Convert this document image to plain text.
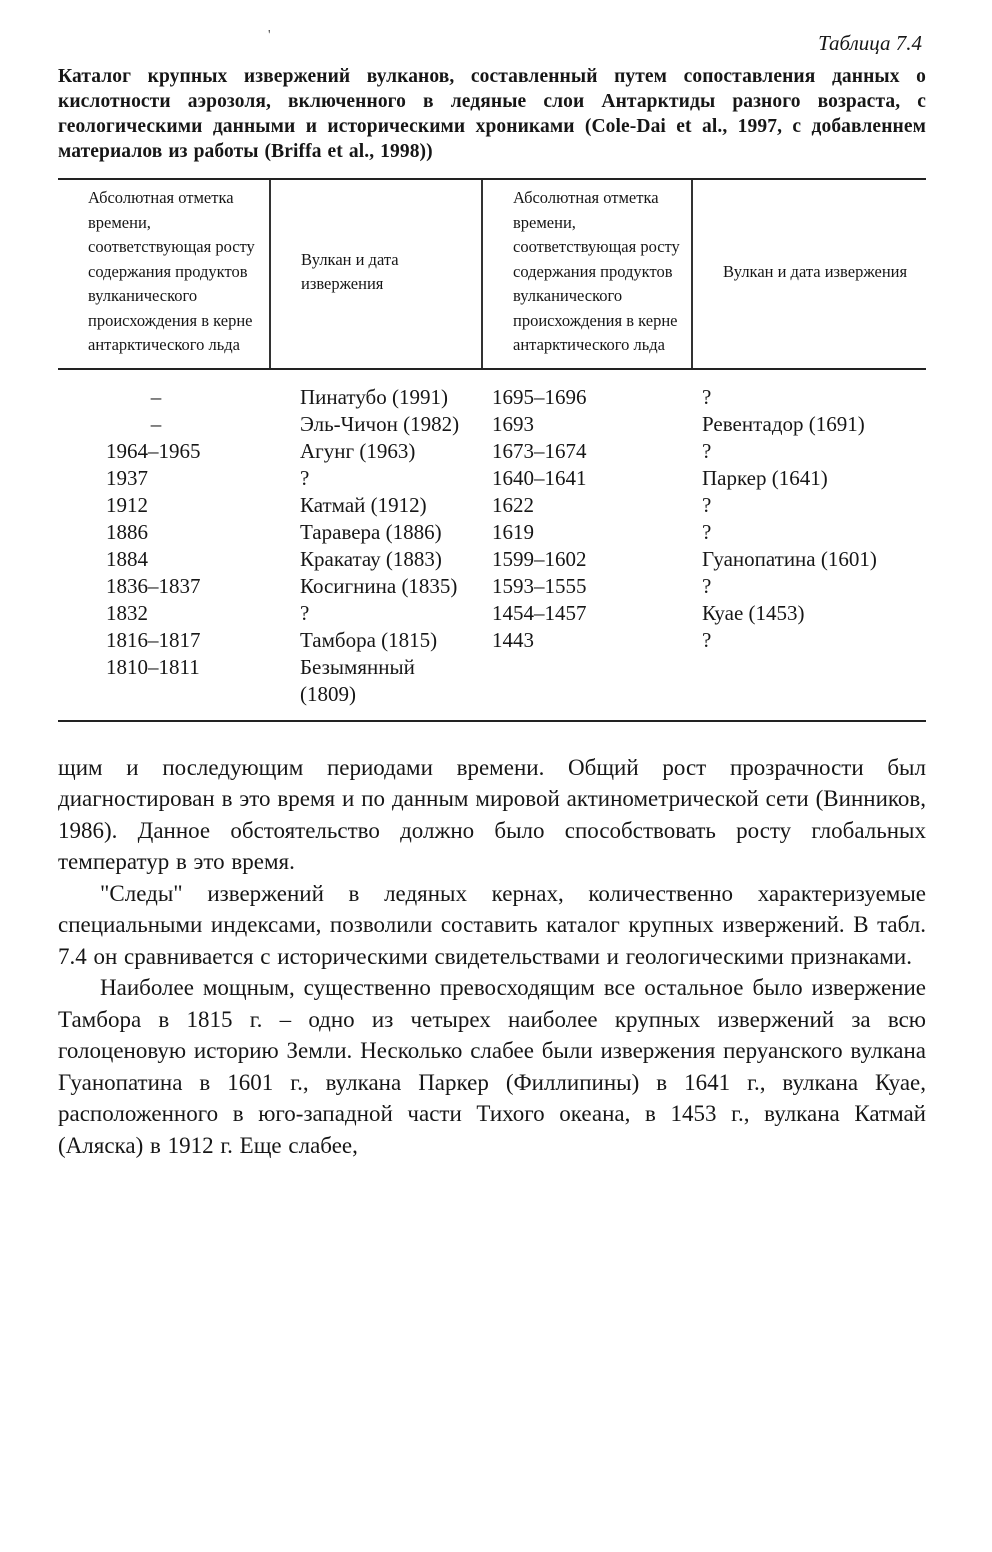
'	Таблица 7.4
Каталог крупных извержений вулканов, составленный путем сопоставления данных о кислотности аэрозоля, включенного в ледяные слои Антарктиды разного возраста, с геологическими данными и историческими хрониками (Cole-Dai et al., 1997, с добавленнем материалов из работы (Briffa et al., 1998))
Абсолютная отметка времени, соответствующая росту содержания продуктов вулканического происхождения в керне антарктического льда	Вулкан и дата извержения	Абсолютная отметка времени, соответствующая росту содержания продуктов вулканического происхождения в керне антарктического льда	Вулкан и дата извержения

–	Пинатубо (1991)	1695–1696	?
–	Эль-Чичон (1982)	1693	Ревентадор (1691)
1964–1965	Агунг (1963)	1673–1674	?
1937	?	1640–1641	Паркер (1641)
1912	Катмай (1912)	1622	?
1886	Таравера (1886)	1619	?
1884	Кракатау (1883)	1599–1602	Гуанопатина (1601)
1836–1837	Косигнина (1835)	1593–1555	?
1832	?	1454–1457	Куае (1453)
1816–1817	Тамбора (1815)	1443	?
1810–1811	Безымянный (1809)		

щим и последующим периодами времени. Общий рост прозрачности был диагностирован в это время и по данным мировой актинометрической сети (Винников, 1986). Данное обстоятельство должно было способствовать росту глобальных температур в это время.

"Следы" извержений в ледяных кернах, количественно характеризуемые специальными индексами, позволили составить каталог крупных извержений. В табл. 7.4 он сравнивается с историческими свидетельствами и геологическими признаками.

Наиболее мощным, существенно превосходящим все остальное было извержение Тамбора в 1815 г. – одно из четырех наиболее крупных извержений за всю голоценовую историю Земли. Несколько слабее были извержения перуанского вулкана Гуанопатина в 1601 г., вулкана Паркер (Филлипины) в 1641 г., вулкана Куае, расположенного в юго-западной части Тихого океана, в 1453 г., вулкана Катмай (Аляска) в 1912 г. Еще слабее,
